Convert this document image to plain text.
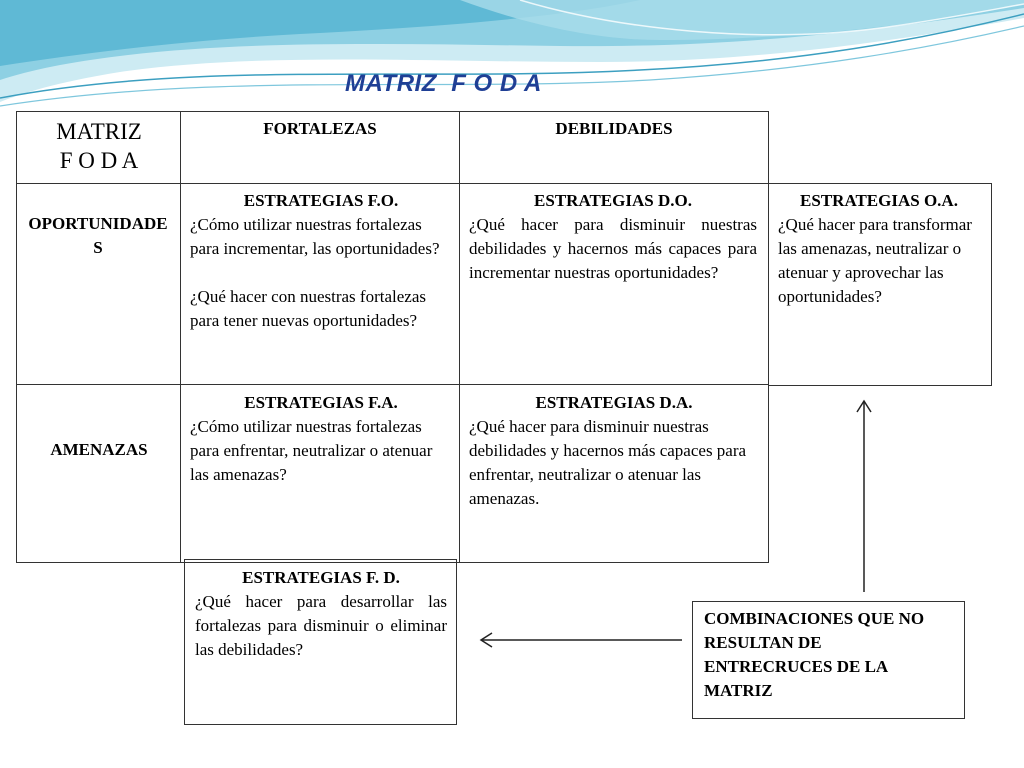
MATRIZ  F O D A
MATRIZ
F O D A
FORTALEZAS	DEBILIDADES
OPORTUNIDADES
AMENAZAS
ESTRATEGIAS F.O.

¿Cómo utilizar nuestras fortalezas para incrementar, las oportunidades?

¿Qué hacer con nuestras fortalezas para tener nuevas oportunidades?

ESTRATEGIAS D.O.

¿Qué hacer para disminuir nuestras debilidades y hacernos más capaces para incrementar nuestras oportunidades?

ESTRATEGIAS O.A.

¿Qué hacer para transformar las amenazas, neutralizar o atenuar y aprovechar las oportunidades?

ESTRATEGIAS F.A.

¿Cómo utilizar nuestras fortalezas para enfrentar, neutralizar o atenuar las amenazas?

ESTRATEGIAS D.A.

¿Qué hacer para disminuir nuestras debilidades y hacernos más capaces para enfrentar, neutralizar o atenuar las amenazas.

ESTRATEGIAS F. D.

¿Qué hacer para desarrollar las fortalezas para disminuir o eliminar las debilidades?

COMBINACIONES QUE NO RESULTAN DE ENTRECRUCES DE LA MATRIZ
